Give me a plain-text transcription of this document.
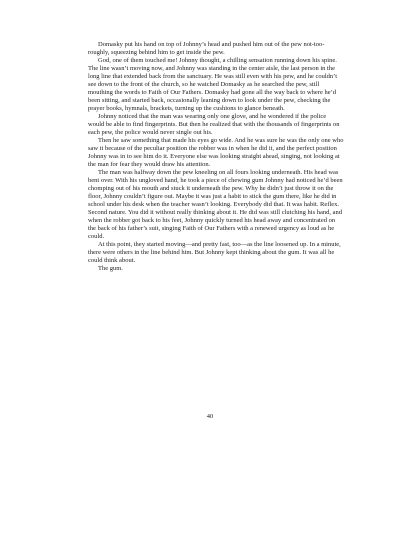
Domasky put his hand on top of Johnny’s head and pushed him out of the pew not-too-roughly, squeezing behind him to get inside the pew.

God, one of them touched me! Johnny thought, a chilling sensation running down his spine. The line wasn’t moving now, and Johnny was standing in the center aisle, the last person in the long line that extended back from the sanctuary. He was still even with his pew, and he couldn’t see down to the front of the church, so he watched Domasky as he searched the pew, still mouthing the words to Faith of Our Fathers. Domasky had gone all the way back to where he’d been sitting, and started back, occasionally leaning down to look under the pew, checking the prayer books, hymnals, brackets, turning up the cushions to glance beneath.

Johnny noticed that the man was wearing only one glove, and he wondered if the police would be able to find fingerprints. But then he realized that with the thousands of fingerprints on each pew, the police would never single out his.

Then he saw something that made his eyes go wide. And he was sure he was the only one who saw it because of the peculiar position the robber was in when he did it, and the perfect position Johnny was in to see him do it. Everyone else was looking straight ahead, singing, not looking at the man for fear they would draw his attention.

The man was halfway down the pew kneeling on all fours looking underneath. His head was bent over. With his ungloved hand, he took a piece of chewing gum Johnny had noticed he’d been chomping out of his mouth and stuck it underneath the pew. Why he didn’t just throw it on the floor, Johnny couldn’t figure out. Maybe it was just a habit to stick the gum there, like he did in school under his desk when the teacher wasn’t looking. Everybody did that. It was habit. Reflex. Second nature. You did it without really thinking about it. He did was still clutching his hand, and when the robber got back to his feet, Johnny quickly turned his head away and concentrated on the back of his father’s suit, singing Faith of Our Fathers with a renewed urgency as loud as he could.

At this point, they started moving—and pretty fast, too—as the line loosened up. In a minute, there were others in the line behind him. But Johnny kept thinking about the gum. It was all he could think about.

The gum.

40
